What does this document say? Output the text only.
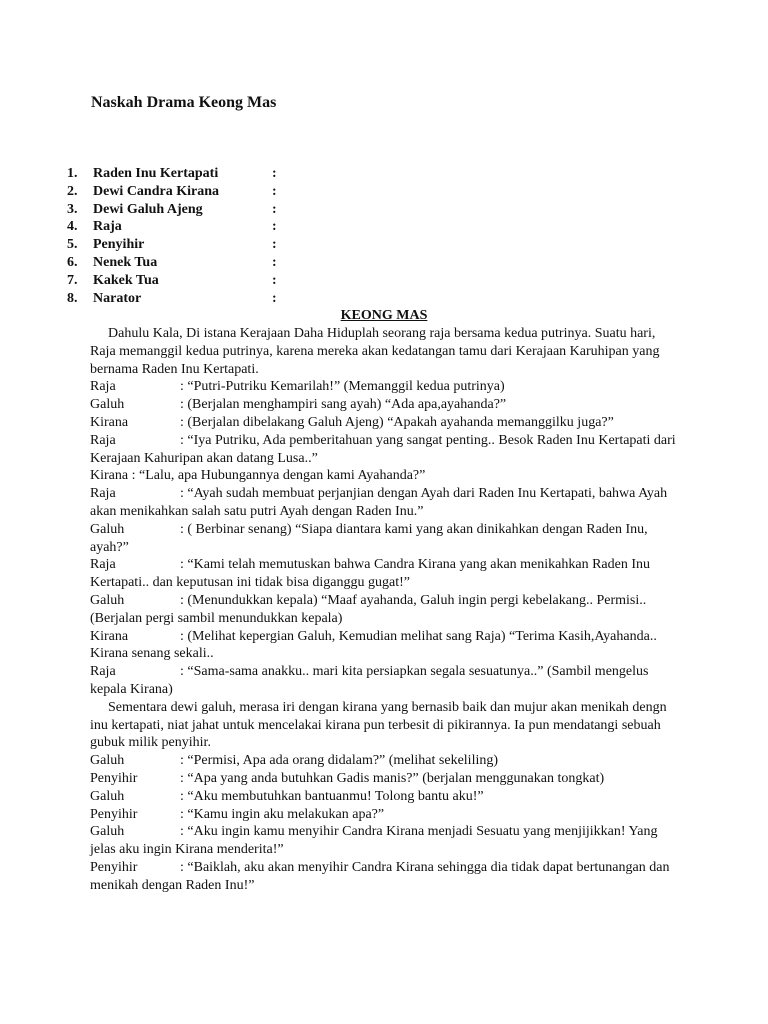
Naskah Drama Keong Mas
1. Raden Inu Kertapati	:
2. Dewi Candra Kirana	:
3. Dewi Galuh Ajeng	:
4. Raja	:
5. Penyihir	:
6. Nenek Tua	:
7. Kakek Tua	:
8. Narator	:
KEONG MAS

Dahulu Kala, Di istana Kerajaan Daha Hiduplah seorang raja bersama kedua putrinya. Suatu hari, Raja memanggil kedua putrinya, karena mereka akan kedatangan tamu dari Kerajaan Karuhipan yang bernama Raden Inu Kertapati.

Raja	: “Putri-Putriku Kemarilah!” (Memanggil kedua putrinya)
Galuh	: (Berjalan menghampiri sang ayah) “Ada apa,ayahanda?”
Kirana	: (Berjalan dibelakang Galuh Ajeng) “Apakah ayahanda memanggilku juga?”
Raja	: “Iya Putriku, Ada pemberitahuan yang sangat penting.. Besok Raden Inu Kertapati dari Kerajaan Kahuripan akan datang Lusa..”
Kirana : “Lalu, apa Hubungannya dengan kami Ayahanda?”
Raja	: “Ayah sudah membuat perjanjian dengan Ayah dari Raden Inu Kertapati, bahwa Ayah akan menikahkan salah satu putri Ayah dengan Raden Inu.”
Galuh	: ( Berbinar senang) “Siapa diantara kami yang akan dinikahkan dengan Raden Inu, ayah?”
Raja	: “Kami telah memutuskan bahwa Candra Kirana yang akan menikahkan Raden Inu Kertapati.. dan keputusan ini tidak bisa diganggu gugat!”
Galuh	: (Menundukkan kepala) “Maaf ayahanda, Galuh ingin pergi kebelakang.. Permisi.. (Berjalan pergi sambil menundukkan kepala)
Kirana	: (Melihat kepergian Galuh, Kemudian melihat sang Raja) “Terima Kasih,Ayahanda.. Kirana senang sekali..
Raja	: “Sama-sama anakku.. mari kita persiapkan segala sesuatunya..” (Sambil mengelus kepala Kirana)

Sementara dewi galuh, merasa iri dengan kirana yang bernasib baik dan mujur akan menikah dengn inu kertapati, niat jahat untuk mencelakai kirana pun terbesit di pikirannya. Ia pun mendatangi sebuah gubuk milik penyihir.

Galuh	: “Permisi, Apa ada orang didalam?” (melihat sekeliling)
Penyihir	: “Apa yang anda butuhkan Gadis manis?” (berjalan menggunakan tongkat)
Galuh	: “Aku membutuhkan bantuanmu! Tolong bantu aku!”
Penyihir	: “Kamu ingin aku melakukan apa?”
Galuh	: “Aku ingin kamu menyihir Candra Kirana menjadi Sesuatu yang menjijikkan! Yang jelas aku ingin Kirana menderita!”
Penyihir	: “Baiklah, aku akan menyihir Candra Kirana sehingga dia tidak dapat bertunangan dan menikah dengan Raden Inu!”
